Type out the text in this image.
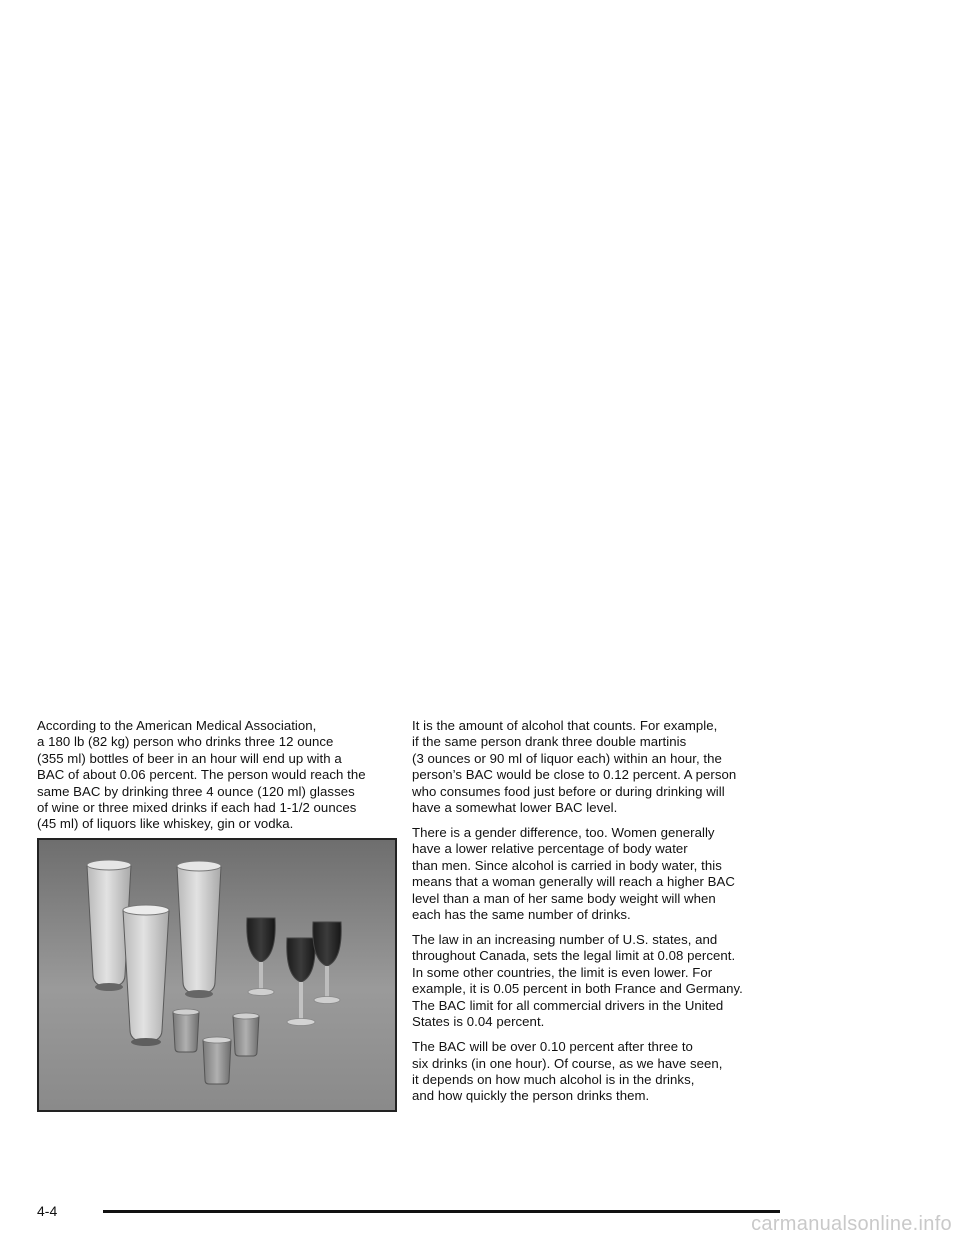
According to the American Medical Association,
a 180 lb (82 kg) person who drinks three 12 ounce
(355 ml) bottles of beer in an hour will end up with a
BAC of about 0.06 percent. The person would reach the
same BAC by drinking three 4 ounce (120 ml) glasses
of wine or three mixed drinks if each had 1-1/2 ounces
(45 ml) of liquors like whiskey, gin or vodka.

It is the amount of alcohol that counts. For example,
if the same person drank three double martinis
(3 ounces or 90 ml of liquor each) within an hour, the
person’s BAC would be close to 0.12 percent. A person
who consumes food just before or during drinking will
have a somewhat lower BAC level.

There is a gender difference, too. Women generally
have a lower relative percentage of body water
than men. Since alcohol is carried in body water, this
means that a woman generally will reach a higher BAC
level than a man of her same body weight will when
each has the same number of drinks.

The law in an increasing number of U.S. states, and
throughout Canada, sets the legal limit at 0.08 percent.
In some other countries, the limit is even lower. For
example, it is 0.05 percent in both France and Germany.
The BAC limit for all commercial drivers in the United
States is 0.04 percent.

The BAC will be over 0.10 percent after three to
six drinks (in one hour). Of course, as we have seen,
it depends on how much alcohol is in the drinks,
and how quickly the person drinks them.

4-4
carmanualsonline.info
